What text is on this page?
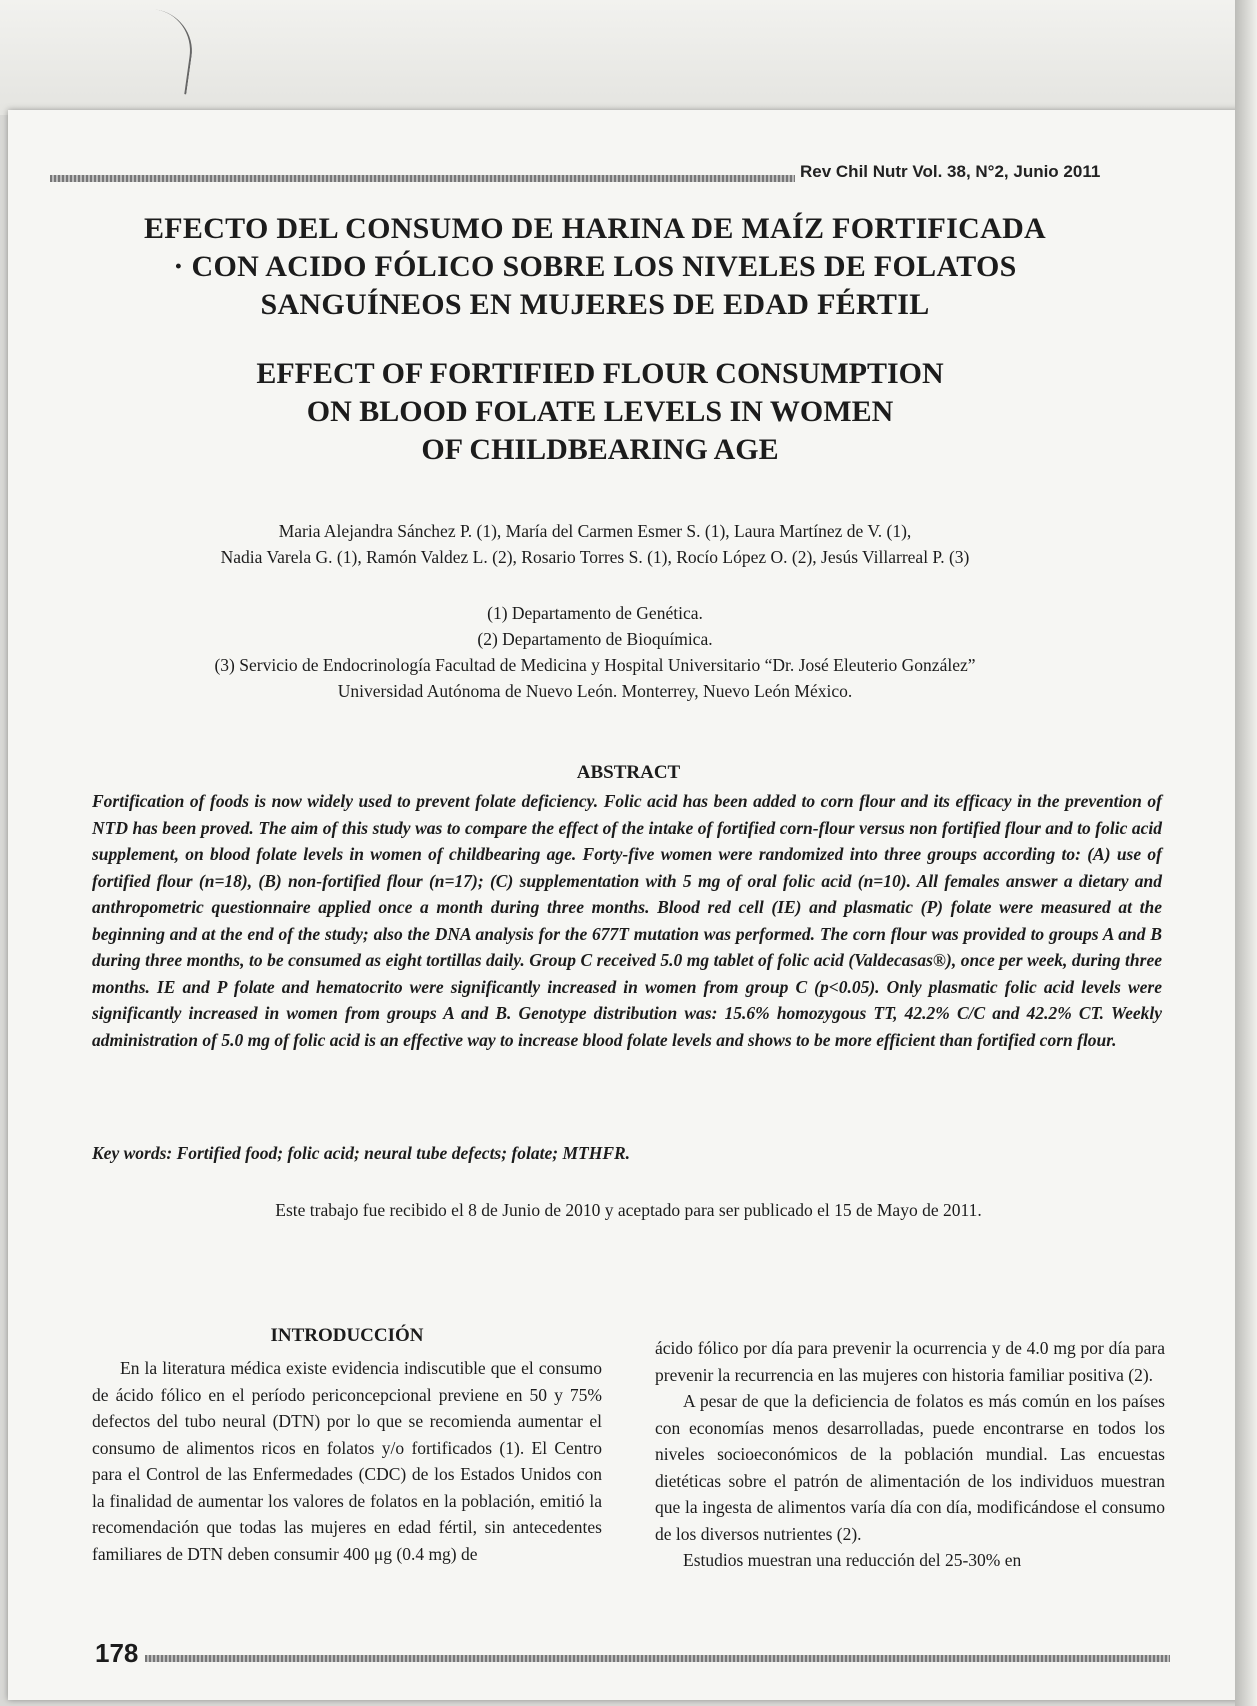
Rev Chil Nutr Vol. 38, N°2, Junio 2011
EFECTO DEL CONSUMO DE HARINA DE MAÍZ FORTIFICADA
· CON ACIDO FÓLICO SOBRE LOS NIVELES DE FOLATOS
SANGUÍNEOS EN MUJERES DE EDAD FÉRTIL
EFFECT OF FORTIFIED FLOUR CONSUMPTION
ON BLOOD FOLATE LEVELS IN WOMEN
OF CHILDBEARING AGE
Maria Alejandra Sánchez P. (1), María del Carmen Esmer S. (1), Laura Martínez de V. (1),
Nadia Varela G. (1), Ramón Valdez L. (2), Rosario Torres S. (1), Rocío López O. (2), Jesús Villarreal P. (3)
(1) Departamento de Genética.
(2) Departamento de Bioquímica.
(3) Servicio de Endocrinología Facultad de Medicina y Hospital Universitario “Dr. José Eleuterio González”
Universidad Autónoma de Nuevo León. Monterrey, Nuevo León México.
ABSTRACT
Fortification of foods is now widely used to prevent folate deficiency. Folic acid has been added to corn flour and its efficacy in the prevention of NTD has been proved. The aim of this study was to compare the effect of the intake of fortified corn-flour versus non fortified flour and to folic acid supplement, on blood folate levels in women of childbearing age. Forty-five women were randomized into three groups according to: (A) use of fortified flour (n=18), (B) non-fortified flour (n=17); (C) supplementation with 5 mg of oral folic acid (n=10). All females answer a dietary and anthropometric questionnaire applied once a month during three months. Blood red cell (IE) and plasmatic (P) folate were measured at the beginning and at the end of the study; also the DNA analysis for the 677T mutation was performed. The corn flour was provided to groups A and B during three months, to be consumed as eight tortillas daily. Group C received 5.0 mg tablet of folic acid (Valdecasas®), once per week, during three months. IE and P folate and hematocrito were significantly increased in women from group C (p<0.05). Only plasmatic folic acid levels were significantly increased in women from groups A and B. Genotype distribution was: 15.6% homozygous TT, 42.2% C/C and 42.2% CT. Weekly administration of 5.0 mg of folic acid is an effective way to increase blood folate levels and shows to be more efficient than fortified corn flour.
Key words: Fortified food; folic acid; neural tube defects; folate; MTHFR.
Este trabajo fue recibido el 8 de Junio de 2010 y aceptado para ser publicado el 15 de Mayo de 2011.
INTRODUCCIÓN

En la literatura médica existe evidencia indiscutible que el consumo de ácido fólico en el período periconcepcional previene en 50 y 75% defectos del tubo neural (DTN) por lo que se recomienda aumentar el consumo de alimentos ricos en folatos y/o fortificados (1). El Centro para el Control de las Enfermedades (CDC) de los Estados Unidos con la finalidad de aumentar los valores de folatos en la población, emitió la recomendación que todas las mujeres en edad fértil, sin antecedentes familiares de DTN deben consumir 400 μg (0.4 mg) de

ácido fólico por día para prevenir la ocurrencia y de 4.0 mg por día para prevenir la recurrencia en las mujeres con historia familiar positiva (2).

A pesar de que la deficiencia de folatos es más común en los países con economías menos desarrolladas, puede encontrarse en todos los niveles socioeconómicos de la población mundial. Las encuestas dietéticas sobre el patrón de alimentación de los individuos muestran que la ingesta de alimentos varía día con día, modificándose el consumo de los diversos nutrientes (2).

Estudios muestran una reducción del 25-30% en

178
